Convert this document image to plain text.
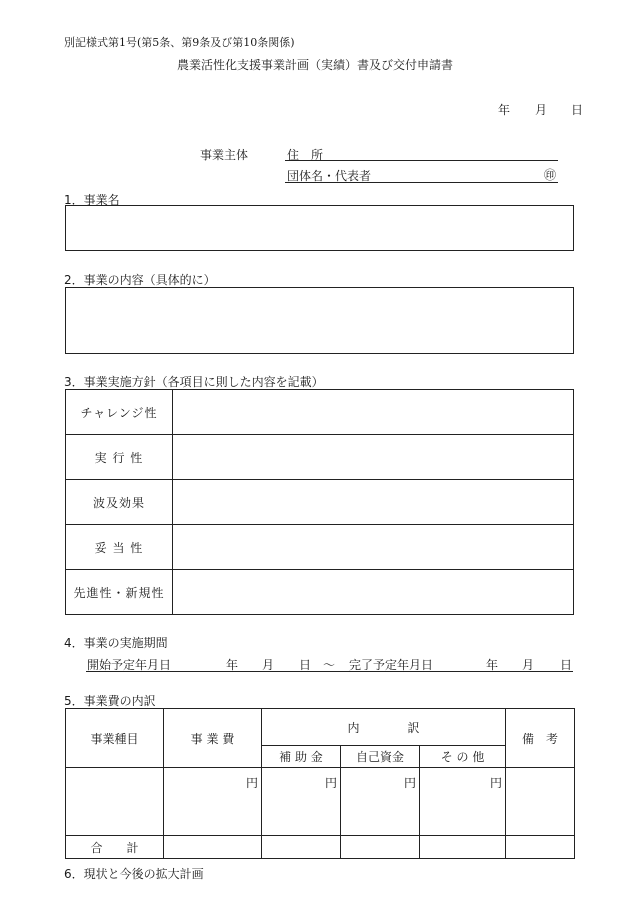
別記様式第1号(第5条、第9条及び第10条関係)
農業活性化支援事業計画（実績）書及び交付申請書
年 月 日
事業主体	住　所
団体名・代表者	㊞
1．事業名
2．事業の内容（具体的に）
3．事業実施方針（各項目に則した内容を記載）
チャレンジ性	
実 行 性	
波及効果	
妥 当 性	
先進性・新規性	
4．事業の実施期間
開始予定年月日	年 月 日 〜 完了予定年月日	年 月 日
5．事業費の内訳
事業種目	事 業 費	内　　　　訳			備　考
		補 助 金	自己資金	そ の 他	
	円	円	円	円	
合　　計					
6．現状と今後の拡大計画
